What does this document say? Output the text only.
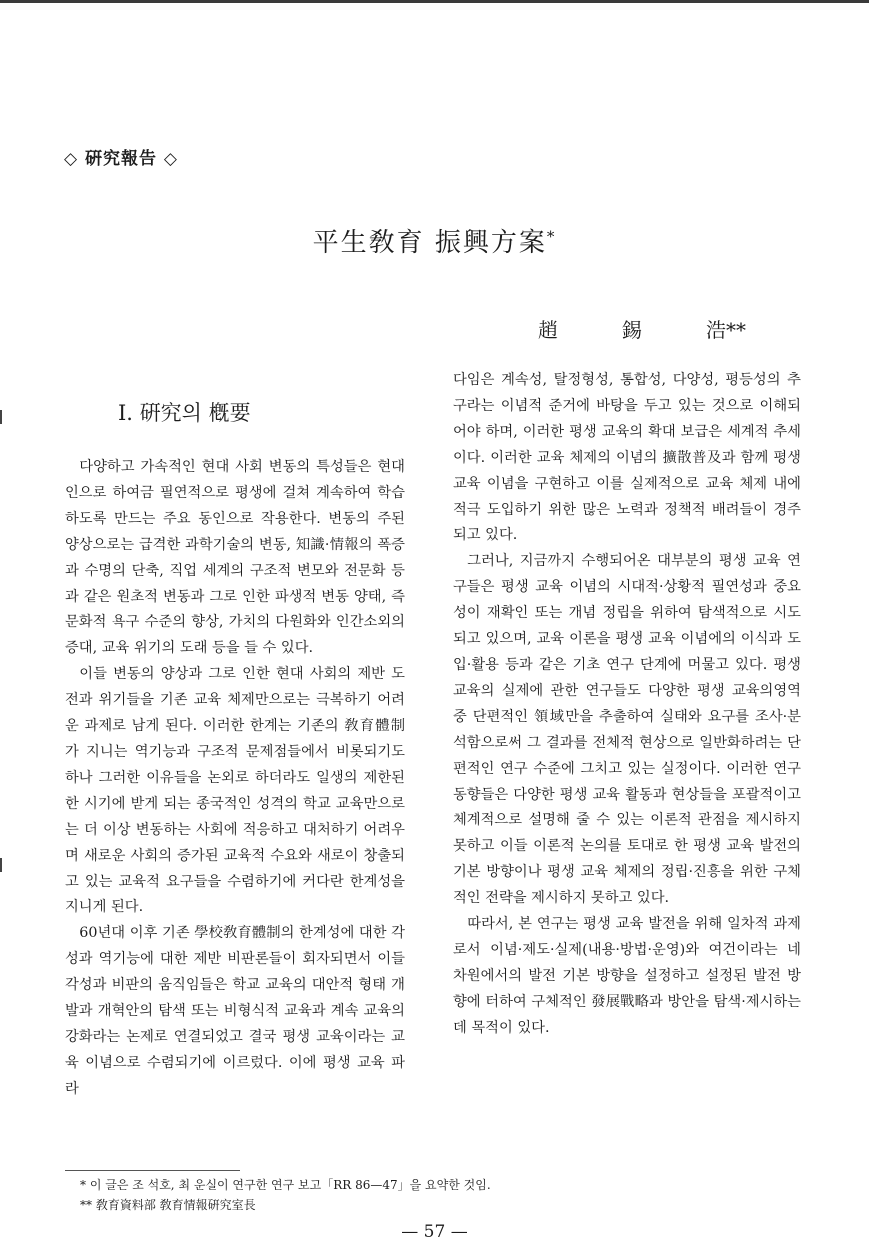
◇ 硏究報告 ◇
平生敎育 振興方案*
趙	錫	浩**
Ⅰ. 硏究의 槪要

다양하고 가속적인 현대 사회 변동의 특성들은 현대인으로 하여금 필연적으로 평생에 걸쳐 계속하여 학습하도록 만드는 주요 동인으로 작용한다. 변동의 주된 양상으로는 급격한 과학기술의 변동, 知識·情報의 폭증과 수명의 단축, 직업 세계의 구조적 변모와 전문화 등과 같은 원초적 변동과 그로 인한 파생적 변동 양태, 즉 문화적 욕구 수준의 향상, 가치의 다원화와 인간소외의 증대, 교육 위기의 도래 등을 들 수 있다.

이들 변동의 양상과 그로 인한 현대 사회의 제반 도전과 위기들을 기존 교육 체제만으로는 극복하기 어려운 과제로 남게 된다. 이러한 한계는 기존의 敎育體制가 지니는 역기능과 구조적 문제점들에서 비롯되기도 하나 그러한 이유들을 논외로 하더라도 일생의 제한된 한 시기에 받게 되는 종국적인 성격의 학교 교육만으로는 더 이상 변동하는 사회에 적응하고 대처하기 어려우며 새로운 사회의 증가된 교육적 수요와 새로이 창출되고 있는 교육적 요구들을 수렴하기에 커다란 한계성을 지니게 된다.

60년대 이후 기존 學校敎育體制의 한계성에 대한 각성과 역기능에 대한 제반 비판론들이 회자되면서 이들 각성과 비판의 움직임들은 학교 교육의 대안적 형태 개발과 개혁안의 탐색 또는 비형식적 교육과 계속 교육의 강화라는 논제로 연결되었고 결국 평생 교육이라는 교육 이념으로 수렴되기에 이르렀다. 이에 평생 교육 파라

다임은 계속성, 탈정형성, 통합성, 다양성, 평등성의 추구라는 이념적 준거에 바탕을 두고 있는 것으로 이해되어야 하며, 이러한 평생 교육의 확대 보급은 세계적 추세이다. 이러한 교육 체제의 이념의 擴散普及과 함께 평생 교육 이념을 구현하고 이를 실제적으로 교육 체제 내에 적극 도입하기 위한 많은 노력과 정책적 배려들이 경주되고 있다.

그러나, 지금까지 수행되어온 대부분의 평생 교육 연구들은 평생 교육 이념의 시대적·상황적 필연성과 중요성이 재확인 또는 개념 정립을 위하여 탐색적으로 시도되고 있으며, 교육 이론을 평생 교육 이념에의 이식과 도입·활용 등과 같은 기초 연구 단계에 머물고 있다. 평생 교육의 실제에 관한 연구들도 다양한 평생 교육의영역 중 단편적인 領域만을 추출하여 실태와 요구를 조사·분석함으로써 그 결과를 전체적 현상으로 일반화하려는 단편적인 연구 수준에 그치고 있는 실정이다. 이러한 연구 동향들은 다양한 평생 교육 활동과 현상들을 포괄적이고 체계적으로 설명해 줄 수 있는 이론적 관점을 제시하지 못하고 이들 이론적 논의를 토대로 한 평생 교육 발전의 기본 방향이나 평생 교육 체제의 정립·진흥을 위한 구체적인 전략을 제시하지 못하고 있다.

따라서, 본 연구는 평생 교육 발전을 위해 일차적 과제로서 이념·제도·실제(내용·방법·운영)와 여건이라는 네 차원에서의 발전 기본 방향을 설정하고 설정된 발전 방향에 터하여 구체적인 發展戰略과 방안을 탐색·제시하는 데 목적이 있다.

* 이 글은 조 석호, 최 운실이 연구한 연구 보고「RR 86—47」을 요약한 것임.
** 敎育資料部 敎育情報硏究室長
— 57 —
